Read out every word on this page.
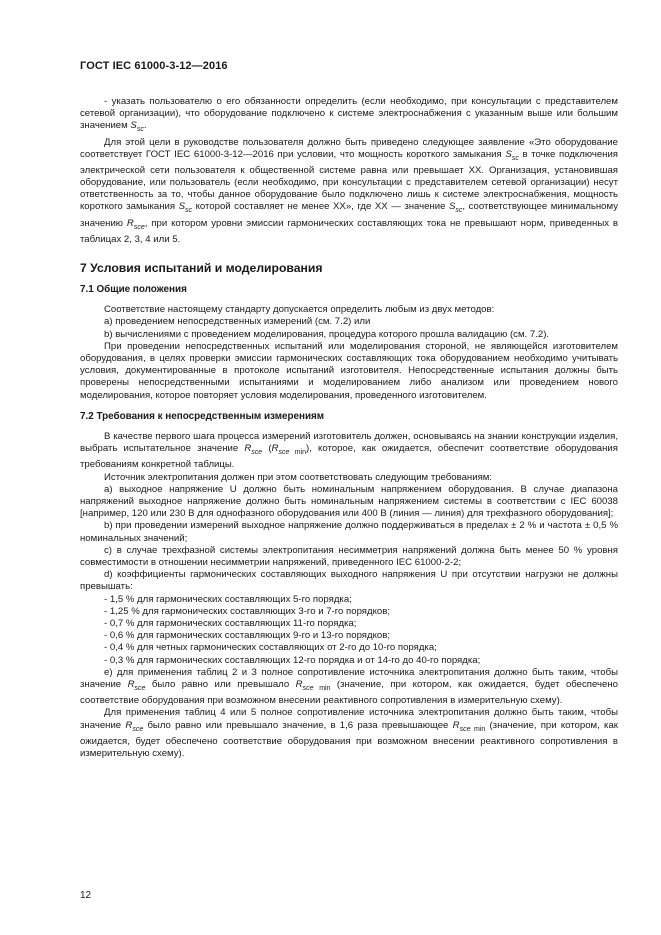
ГОСТ IEC 61000-3-12—2016

- указать пользователю о его обязанности определить (если необходимо, при консультации с представителем сетевой организации), что оборудование подключено к системе электроснабжения с указанным выше или большим значением $S_{sc}$.

Для этой цели в руководстве пользователя должно быть приведено следующее заявление «Это оборудование соответствует ГОСТ IEC 61000-3-12—2016 при условии, что мощность короткого замыкания $S_{sc}$ в точке подключения электрической сети пользователя к общественной системе равна или превышает XX. Организация, установившая оборудование, или пользователь (если необходимо, при консультации с представителем сетевой организации) несут ответственность за то, чтобы данное оборудование было подключено лишь к системе электроснабжения, мощность короткого замыкания $S_{sc}$ которой составляет не менее XX», где XX — значение $S_{sc}$, соответствующее минимальному значению $R_{sce}$, при котором уровни эмиссии гармонических составляющих тока не превышают норм, приведенных в таблицах 2, 3, 4 или 5.

7 Условия испытаний и моделирования
7.1 Общие положения

Соответствие настоящему стандарту допускается определить любым из двух методов:

а) проведением непосредственных измерений (см. 7.2) или

b) вычислениями с проведением моделирования, процедура которого прошла валидацию (см. 7.2).

При проведении непосредственных испытаний или моделирования стороной, не являющейся изготовителем оборудования, в целях проверки эмиссии гармонических составляющих тока оборудованием необходимо учитывать условия, документированные в протоколе испытаний изготовителя. Непосредственные испытания должны быть проверены непосредственными испытаниями и моделированием либо анализом или проведением нового моделирования, которое повторяет условия моделирования, проведенного изготовителем.

7.2 Требования к непосредственным измерениям

В качестве первого шага процесса измерений изготовитель должен, основываясь на знании конструкции изделия, выбрать испытательное значение $R_{sce}$ $(R_{sce min})$, которое, как ожидается, обеспечит соответствие оборудования требованиям конкретной таблицы.

Источник электропитания должен при этом соответствовать следующим требованиям:

а) выходное напряжение U должно быть номинальным напряжением оборудования. В случае диапазона напряжений выходное напряжение должно быть номинальным напряжением системы в соответствии с IEC 60038 [например, 120 или 230 В для однофазного оборудования или 400 В (линия — линия) для трехфазного оборудования];

b) при проведении измерений выходное напряжение должно поддерживаться в пределах ± 2 % и частота ± 0,5 % номинальных значений;

с) в случае трехфазной системы электропитания несимметрия напряжений должна быть менее 50 % уровня совместимости в отношении несимметрии напряжений, приведенного IEC 61000-2-2;

d) коэффициенты гармонических составляющих выходного напряжения U при отсутствии нагрузки не должны превышать:

- 1,5 % для гармонических составляющих 5-го порядка;
- 1,25 % для гармонических составляющих 3-го и 7-го порядков;
- 0,7 % для гармонических составляющих 11-го порядка;
- 0,6 % для гармонических составляющих 9-го и 13-го порядков;
- 0,4 % для четных гармонических составляющих от 2-го до 10-го порядка;
- 0,3 % для гармонических составляющих 12-го порядка и от 14-го до 40-го порядка;

е) для применения таблиц 2 и 3 полное сопротивление источника электропитания должно быть таким, чтобы значение $R_{sce}$ было равно или превышало $R_{sce min}$ (значение, при котором, как ожидается, будет обеспечено соответствие оборудования при возможном внесении реактивного сопротивления в измерительную схему).

Для применения таблиц 4 или 5 полное сопротивление источника электропитания должно быть таким, чтобы значение $R_{sce}$ было равно или превышало значение, в 1,6 раза превышающее $R_{sce min}$ (значение, при котором, как ожидается, будет обеспечено соответствие оборудования при возможном внесении реактивного сопротивления в измерительную схему).

12
